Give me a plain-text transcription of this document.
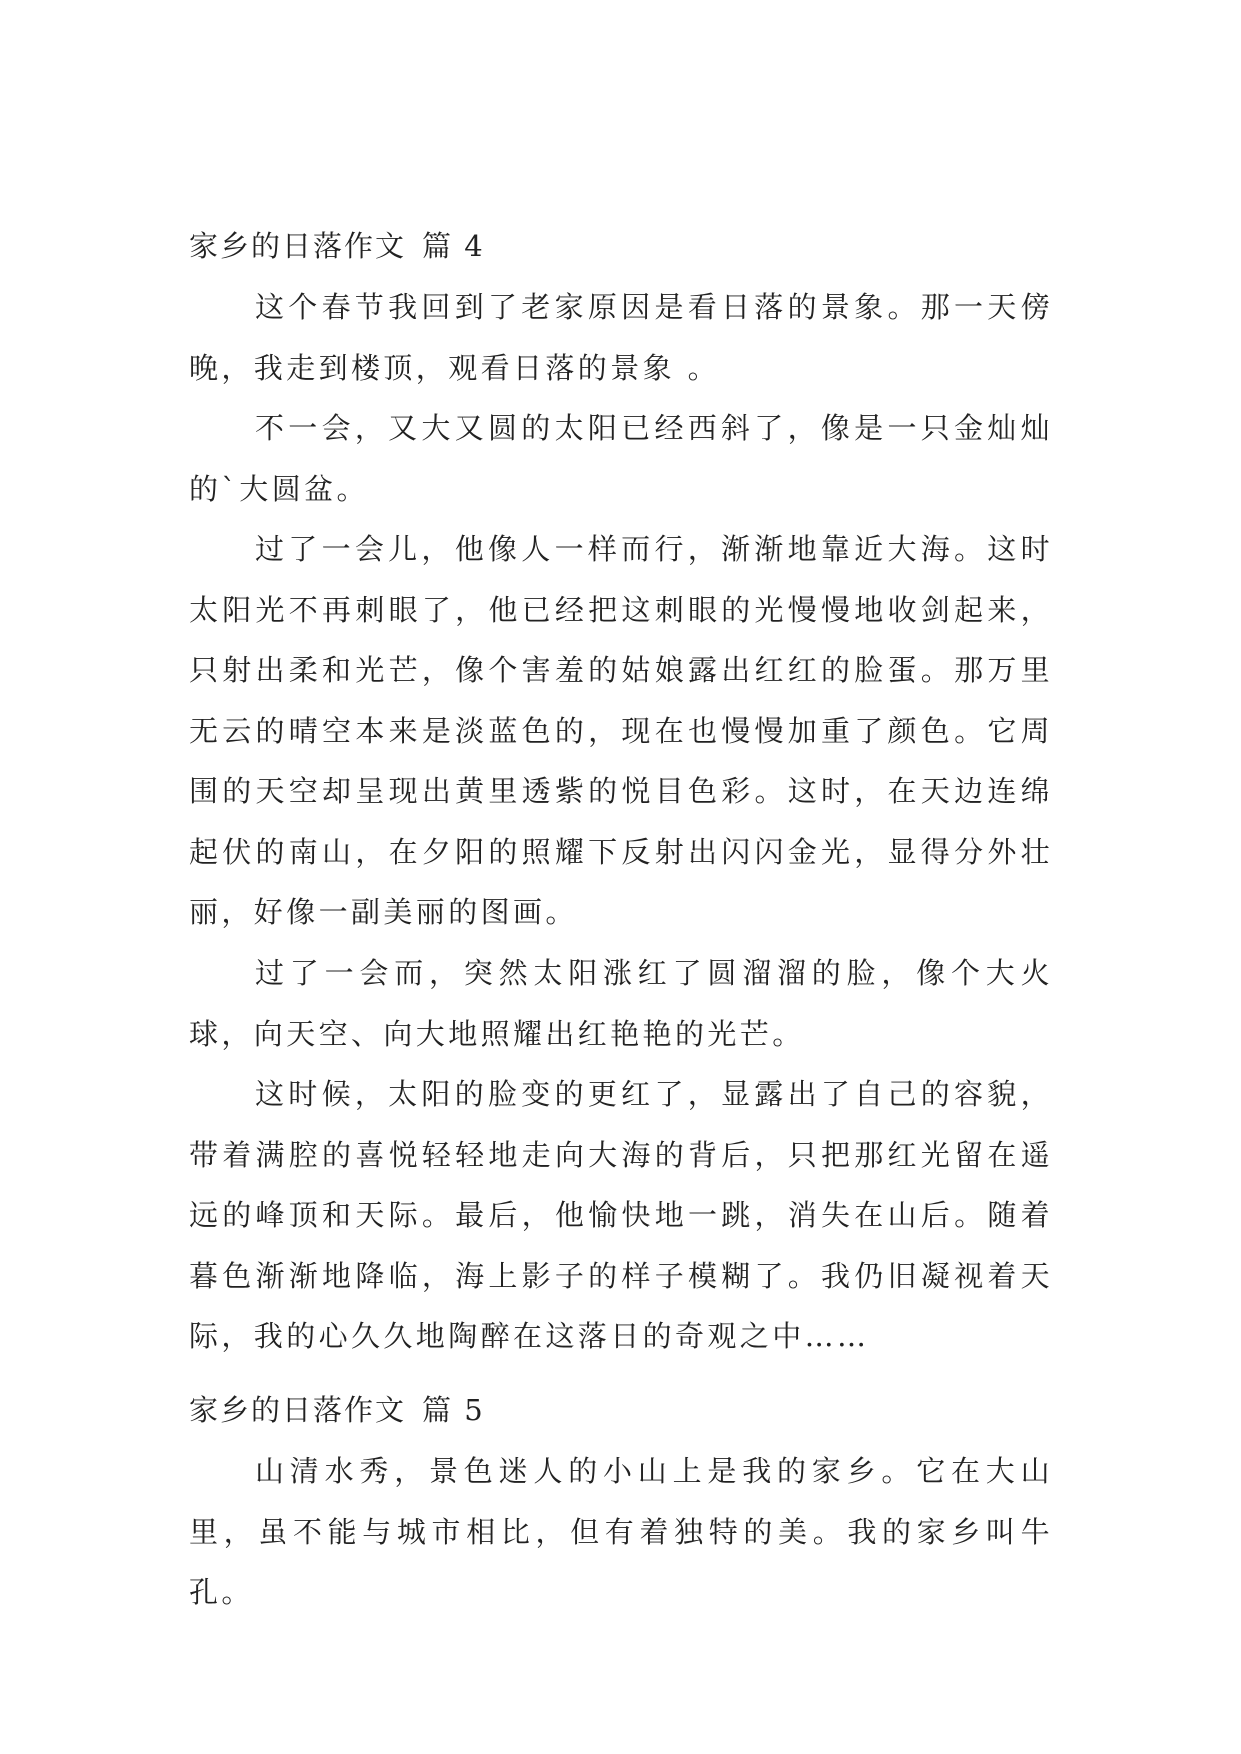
家乡的日落作文 篇 4

这个春节我回到了老家原因是看日落的景象。那一天傍晚，我走到楼顶，观看日落的景象 。

不一会，又大又圆的太阳已经西斜了，像是一只金灿灿的`大圆盆。

过了一会儿，他像人一样而行，渐渐地靠近大海。这时太阳光不再刺眼了，他已经把这刺眼的光慢慢地收剑起来，只射出柔和光芒，像个害羞的姑娘露出红红的脸蛋。那万里无云的晴空本来是淡蓝色的，现在也慢慢加重了颜色。它周围的天空却呈现出黄里透紫的悦目色彩。这时，在天边连绵起伏的南山，在夕阳的照耀下反射出闪闪金光，显得分外壮丽，好像一副美丽的图画。

过了一会而，突然太阳涨红了圆溜溜的脸，像个大火球，向天空、向大地照耀出红艳艳的光芒。

这时候，太阳的脸变的更红了，显露出了自己的容貌，带着满腔的喜悦轻轻地走向大海的背后，只把那红光留在遥远的峰顶和天际。最后，他愉快地一跳，消失在山后。随着暮色渐渐地降临，海上影子的样子模糊了。我仍旧凝视着天际，我的心久久地陶醉在这落日的奇观之中……

家乡的日落作文 篇 5

山清水秀，景色迷人的小山上是我的家乡。它在大山里，虽不能与城市相比，但有着独特的美。我的家乡叫牛孔。
